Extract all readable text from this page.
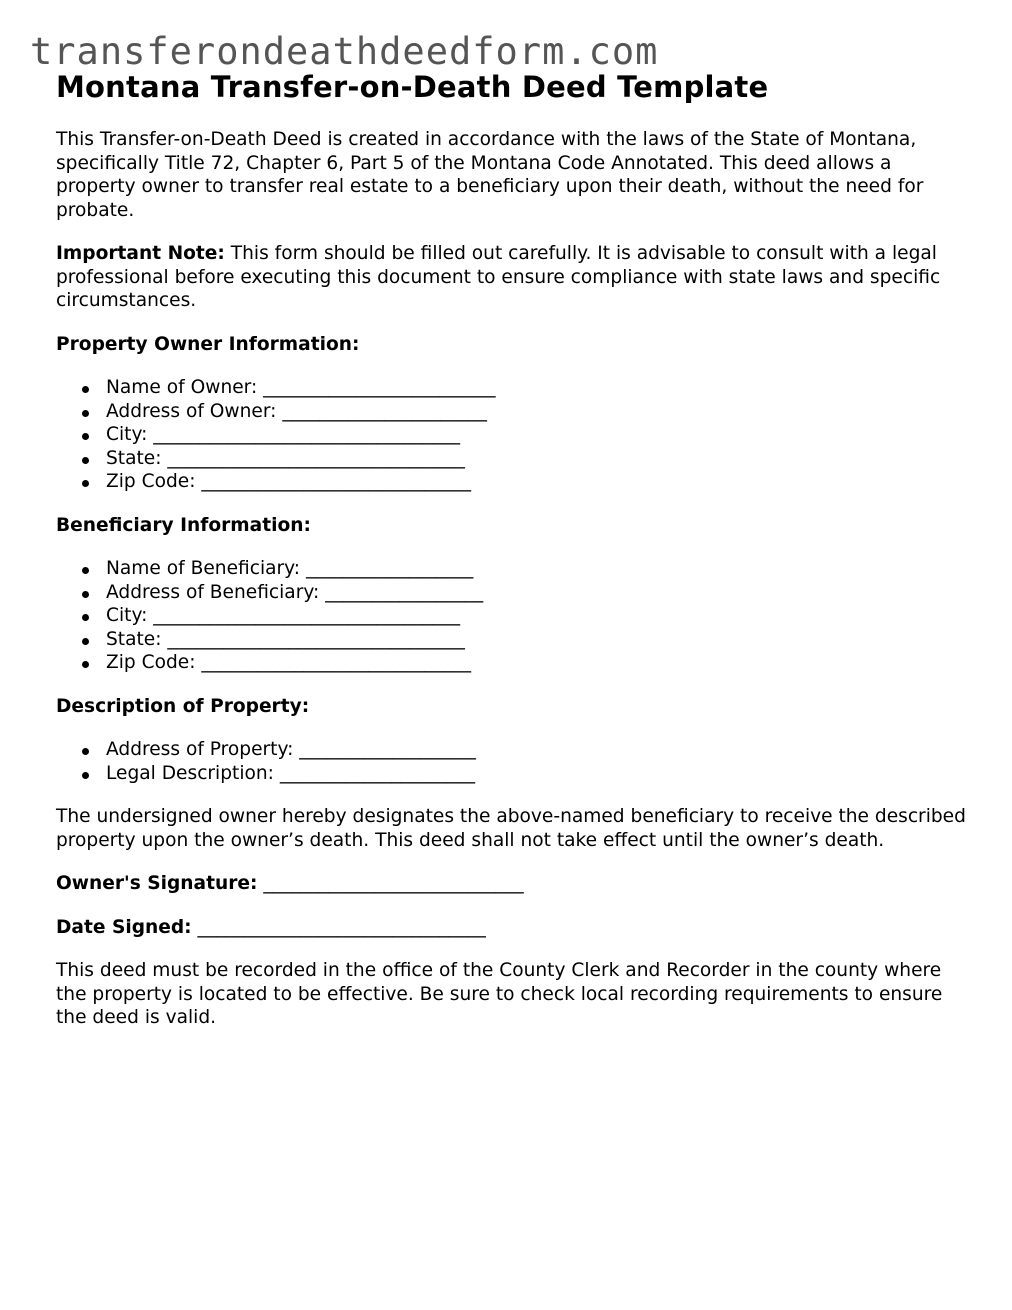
transferondeathdeedform.com
Montana Transfer-on-Death Deed Template

This Transfer-on-Death Deed is created in accordance with the laws of the State of Montana, specifically Title 72, Chapter 6, Part 5 of the Montana Code Annotated. This deed allows a property owner to transfer real estate to a beneficiary upon their death, without the need for probate.

Important Note: This form should be filled out carefully. It is advisable to consult with a legal professional before executing this document to ensure compliance with state laws and specific circumstances.

Property Owner Information:
Name of Owner: _________________________
Address of Owner: ______________________
City: _________________________________
State: ________________________________
Zip Code: _____________________________
Beneficiary Information:
Name of Beneficiary: __________________
Address of Beneficiary: _________________
City: _________________________________
State: ________________________________
Zip Code: _____________________________
Description of Property:
Address of Property: ___________________
Legal Description: _____________________

The undersigned owner hereby designates the above-named beneficiary to receive the described property upon the owner’s death. This deed shall not take effect until the owner’s death.

Owner's Signature: ____________________________
Date Signed: _______________________________

This deed must be recorded in the office of the County Clerk and Recorder in the county where the property is located to be effective. Be sure to check local recording requirements to ensure the deed is valid.
